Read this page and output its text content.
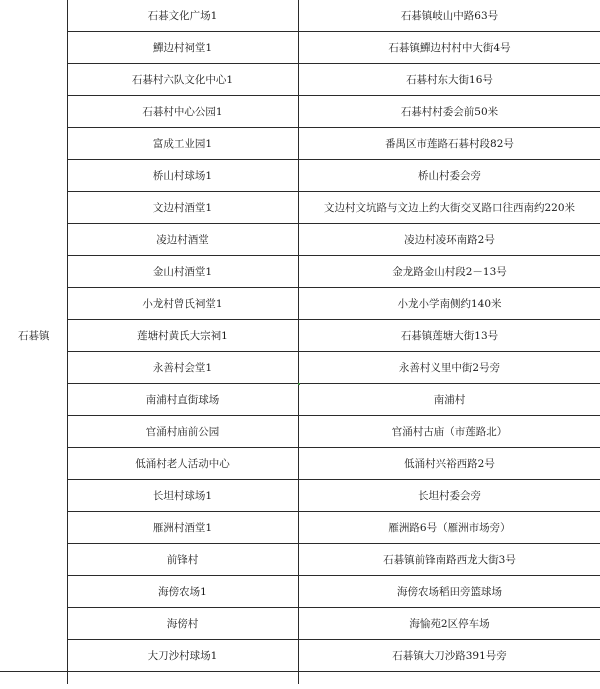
石碁镇	石碁文化广场1	石碁镇岐山中路63号
	鱓边村祠堂1	石碁镇鱓边村村中大街4号
	石碁村六队文化中心1	石碁村东大街16号
	石碁村中心公园1	石碁村村委会前50米
	富成工业园1	番禺区市莲路石碁村段82号
	桥山村球场1	桥山村委会旁
	文边村酒堂1	文边村文坑路与文边上约大街交叉路口往西南约220米
	凌边村酒堂	凌边村凌环南路2号
	金山村酒堂1	金龙路金山村段2－13号
	小龙村曾氏祠堂1	小龙小学南侧约140米
	莲塘村黄氏大宗祠1	石碁镇莲塘大街13号
	永善村会堂1	永善村义里中街2号旁
	南浦村直街球场	南浦村
	官涌村庙前公园	官涌村古庙（市莲路北）
	低涌村老人活动中心	低涌村兴裕西路2号
	长坦村球场1	长坦村委会旁
	雁洲村酒堂1	雁洲路6号（雁洲市场旁）
	前锋村	石碁镇前锋南路西龙大街3号
	海傍农场1	海傍农场稻田旁篮球场
	海傍村	海愉苑2区停车场
	大刀沙村球场1	石碁镇大刀沙路391号旁
